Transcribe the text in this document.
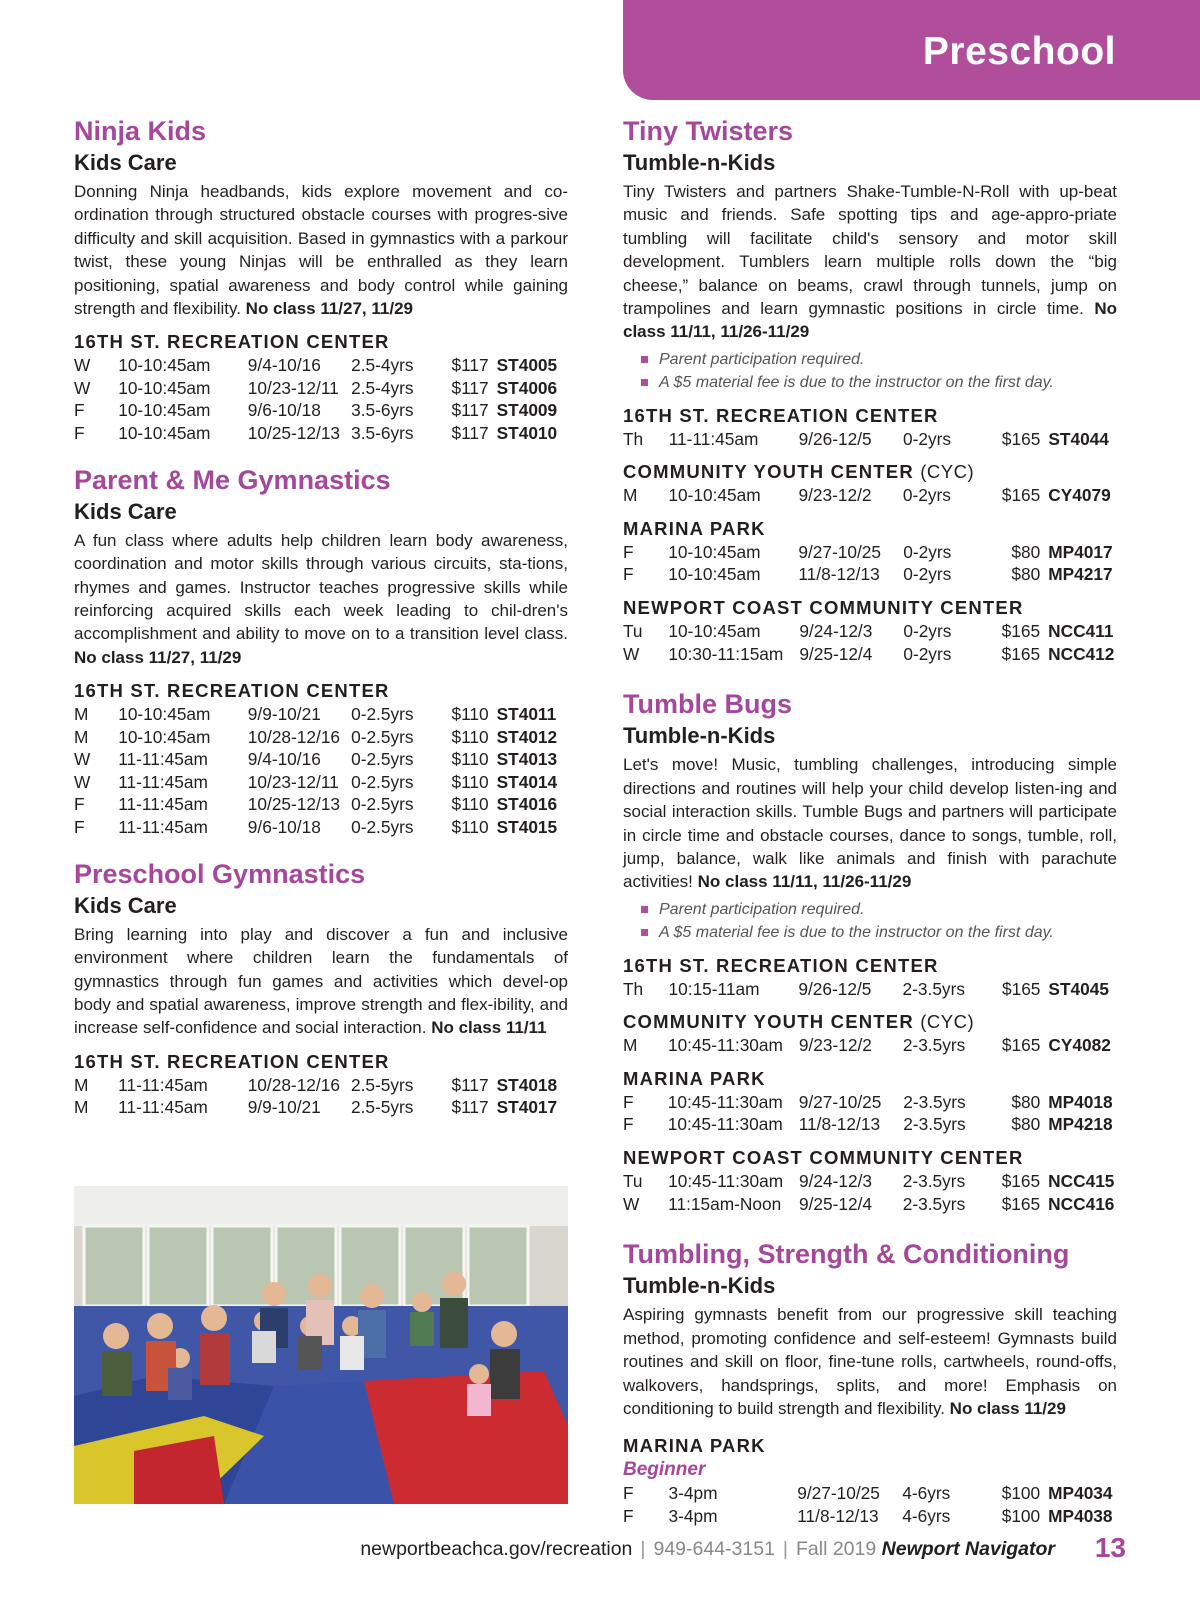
Preschool
Ninja Kids
Kids Care

Donning Ninja headbands, kids explore movement and co-ordination through structured obstacle courses with progres-sive difficulty and skill acquisition. Based in gymnastics with a parkour twist, these young Ninjas will be enthralled as they learn positioning, spatial awareness and body control while gaining strength and flexibility. No class 11/27, 11/29

16TH ST. RECREATION CENTER
W	10-10:45am	9/4-10/16	2.5-4yrs	$117	ST4005
W	10-10:45am	10/23-12/11	2.5-4yrs	$117	ST4006
F	10-10:45am	9/6-10/18	3.5-6yrs	$117	ST4009
F	10-10:45am	10/25-12/13	3.5-6yrs	$117	ST4010
Parent & Me Gymnastics
Kids Care

A fun class where adults help children learn body awareness, coordination and motor skills through various circuits, sta-tions, rhymes and games. Instructor teaches progressive skills while reinforcing acquired skills each week leading to chil-dren's accomplishment and ability to move on to a transition level class. No class 11/27, 11/29

16TH ST. RECREATION CENTER
M	10-10:45am	9/9-10/21	0-2.5yrs	$110	ST4011
M	10-10:45am	10/28-12/16	0-2.5yrs	$110	ST4012
W	11-11:45am	9/4-10/16	0-2.5yrs	$110	ST4013
W	11-11:45am	10/23-12/11	0-2.5yrs	$110	ST4014
F	11-11:45am	10/25-12/13	0-2.5yrs	$110	ST4016
F	11-11:45am	9/6-10/18	0-2.5yrs	$110	ST4015
Preschool Gymnastics
Kids Care

Bring learning into play and discover a fun and inclusive environment where children learn the fundamentals of gymnastics through fun games and activities which devel-op body and spatial awareness, improve strength and flex-ibility, and increase self-confidence and social interaction. No class 11/11

16TH ST. RECREATION CENTER
M	11-11:45am	10/28-12/16	2.5-5yrs	$117	ST4018
M	11-11:45am	9/9-10/21	2.5-5yrs	$117	ST4017
Tiny Twisters
Tumble-n-Kids

Tiny Twisters and partners Shake-Tumble-N-Roll with up-beat music and friends. Safe spotting tips and age-appro-priate tumbling will facilitate child's sensory and motor skill development. Tumblers learn multiple rolls down the “big cheese,” balance on beams, crawl through tunnels, jump on trampolines and learn gymnastic positions in circle time. No class 11/11, 11/26-11/29

Parent participation required.
A $5 material fee is due to the instructor on the first day.
16TH ST. RECREATION CENTER
Th	11-11:45am	9/26-12/5	0-2yrs	$165	ST4044
COMMUNITY YOUTH CENTER (CYC)
M	10-10:45am	9/23-12/2	0-2yrs	$165	CY4079
MARINA PARK
F	10-10:45am	9/27-10/25	0-2yrs	$80	MP4017
F	10-10:45am	11/8-12/13	0-2yrs	$80	MP4217
NEWPORT COAST COMMUNITY CENTER
Tu	10-10:45am	9/24-12/3	0-2yrs	$165	NCC411
W	10:30-11:15am	9/25-12/4	0-2yrs	$165	NCC412
Tumble Bugs
Tumble-n-Kids

Let's move! Music, tumbling challenges, introducing simple directions and routines will help your child develop listen-ing and social interaction skills. Tumble Bugs and partners will participate in circle time and obstacle courses, dance to songs, tumble, roll, jump, balance, walk like animals and finish with parachute activities! No class 11/11, 11/26-11/29

Parent participation required.
A $5 material fee is due to the instructor on the first day.
16TH ST. RECREATION CENTER
Th	10:15-11am	9/26-12/5	2-3.5yrs	$165	ST4045
COMMUNITY YOUTH CENTER (CYC)
M	10:45-11:30am	9/23-12/2	2-3.5yrs	$165	CY4082
MARINA PARK
F	10:45-11:30am	9/27-10/25	2-3.5yrs	$80	MP4018
F	10:45-11:30am	11/8-12/13	2-3.5yrs	$80	MP4218
NEWPORT COAST COMMUNITY CENTER
Tu	10:45-11:30am	9/24-12/3	2-3.5yrs	$165	NCC415
W	11:15am-Noon	9/25-12/4	2-3.5yrs	$165	NCC416
Tumbling, Strength & Conditioning
Tumble-n-Kids

Aspiring gymnasts benefit from our progressive skill teaching method, promoting confidence and self-esteem! Gymnasts build routines and skill on floor, fine-tune rolls, cartwheels, round-offs, walkovers, handsprings, splits, and more! Emphasis on conditioning to build strength and flexibility. No class 11/29

MARINA PARK
Beginner
F	3-4pm	9/27-10/25	4-6yrs	$100	MP4034
F	3-4pm	11/8-12/13	4-6yrs	$100	MP4038
newportbeachca.gov/recreation | 949-644-3151 | Fall 2019 Newport Navigator 13
